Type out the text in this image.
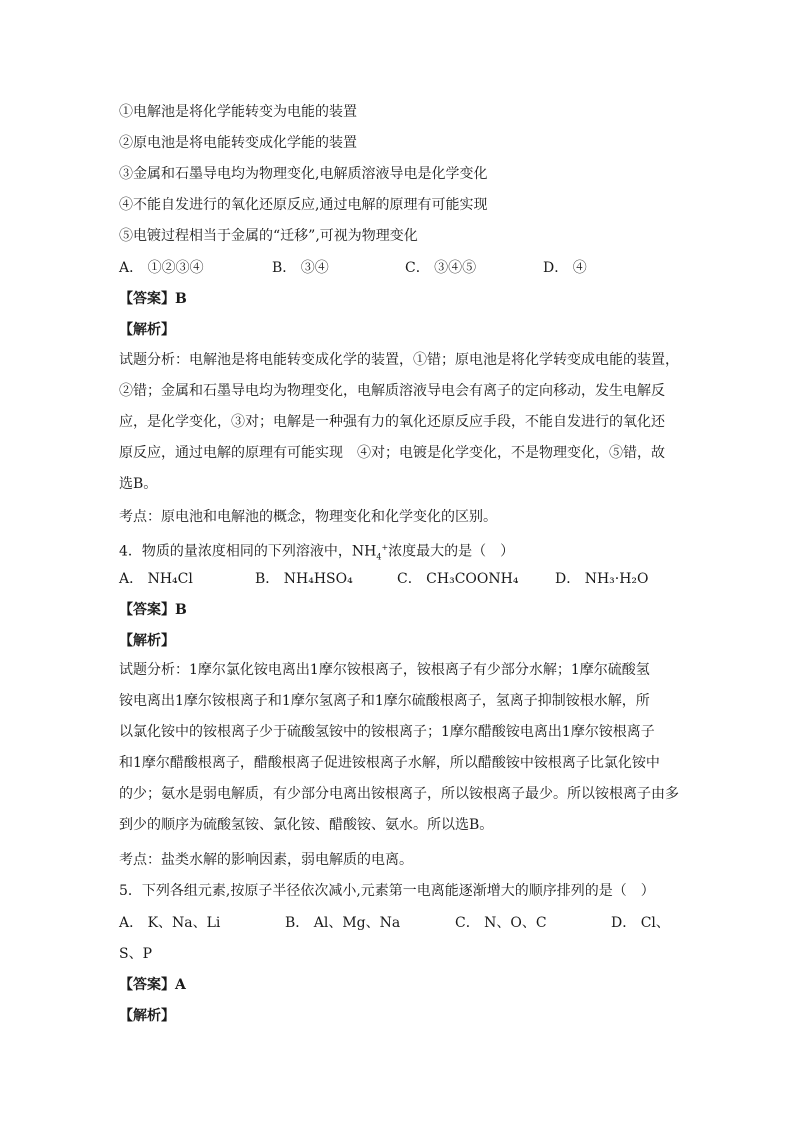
①电解池是将化学能转变为电能的装置
②原电池是将电能转变成化学能的装置
③金属和石墨导电均为物理变化,电解质溶液导电是化学变化
④不能自发进行的氧化还原反应,通过电解的原理有可能实现
⑤电镀过程相当于金属的“迁移”,可视为物理变化
A． ①②③④	B． ③④	C． ③④⑤	D． ④
【答案】B
【解析】
试题分析：电解池是将电能转变成化学的装置，①错；原电池是将化学转变成电能的装置，
②错；金属和石墨导电均为物理变化，电解质溶液导电会有离子的定向移动，发生电解反
应，是化学变化，③对；电解是一种强有力的氧化还原反应手段，不能自发进行的氧化还
原反应，通过电解的原理有可能实现　④对；电镀是化学变化，不是物理变化，⑤错，故
选B。
考点：原电池和电解池的概念，物理变化和化学变化的区别。
4．物质的量浓度相同的下列溶液中，$NH_4^+$浓度最大的是（　）
A． NH₄Cl	B． NH₄HSO₄	C． CH₃COONH₄	D． NH₃·H₂O
【答案】B
【解析】
试题分析：1摩尔氯化铵电离出1摩尔铵根离子，铵根离子有少部分水解；1摩尔硫酸氢
铵电离出1摩尔铵根离子和1摩尔氢离子和1摩尔硫酸根离子，氢离子抑制铵根水解，所
以氯化铵中的铵根离子少于硫酸氢铵中的铵根离子；1摩尔醋酸铵电离出1摩尔铵根离子
和1摩尔醋酸根离子，醋酸根离子促进铵根离子水解，所以醋酸铵中铵根离子比氯化铵中
的少；氨水是弱电解质，有少部分电离出铵根离子，所以铵根离子最少。所以铵根离子由多
到少的顺序为硫酸氢铵、氯化铵、醋酸铵、氨水。所以选B。
考点：盐类水解的影响因素，弱电解质的电离。
5．下列各组元素,按原子半径依次减小,元素第一电离能逐渐增大的顺序排列的是（　）
A． K、Na、Li	B． Al、Mg、Na	C． N、O、C	D． Cl、
S、P
【答案】A
【解析】
